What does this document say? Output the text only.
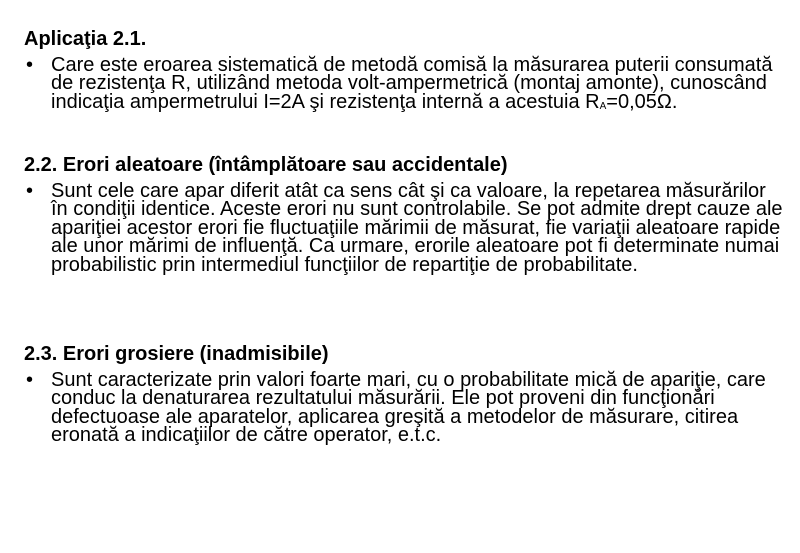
Aplicaţia 2.1.
• Care este eroarea sistematică de metodă comisă la măsurarea puterii consumată de rezistenţa R, utilizând metoda volt-ampermetrică (montaj amonte), cunoscând indicaţia ampermetrului I=2A şi rezistenţa internă a acestuia $R_A=0,05\Omega$.
2.2. Erori aleatoare (întâmplătoare sau accidentale)
• Sunt cele care apar diferit atât ca sens cât şi ca valoare, la repetarea măsurărilor în condiţii identice. Aceste erori nu sunt controlabile. Se pot admite drept cauze ale apariţiei acestor erori fie fluctuaţiile mărimii de măsurat, fie variaţii aleatoare rapide ale unor mărimi de influenţă. Ca urmare, erorile aleatoare pot fi determinate numai probabilistic prin intermediul funcţiilor de repartiţie de probabilitate.
2.3. Erori grosiere (inadmisibile)
• Sunt caracterizate prin valori foarte mari, cu o probabilitate mică de apariţie, care conduc la denaturarea rezultatului măsurării. Ele pot proveni din funcţionări defectuoase ale aparatelor, aplicarea greşită a metodelor de măsurare, citirea eronată a indicaţiilor de către operator, e.t.c.
